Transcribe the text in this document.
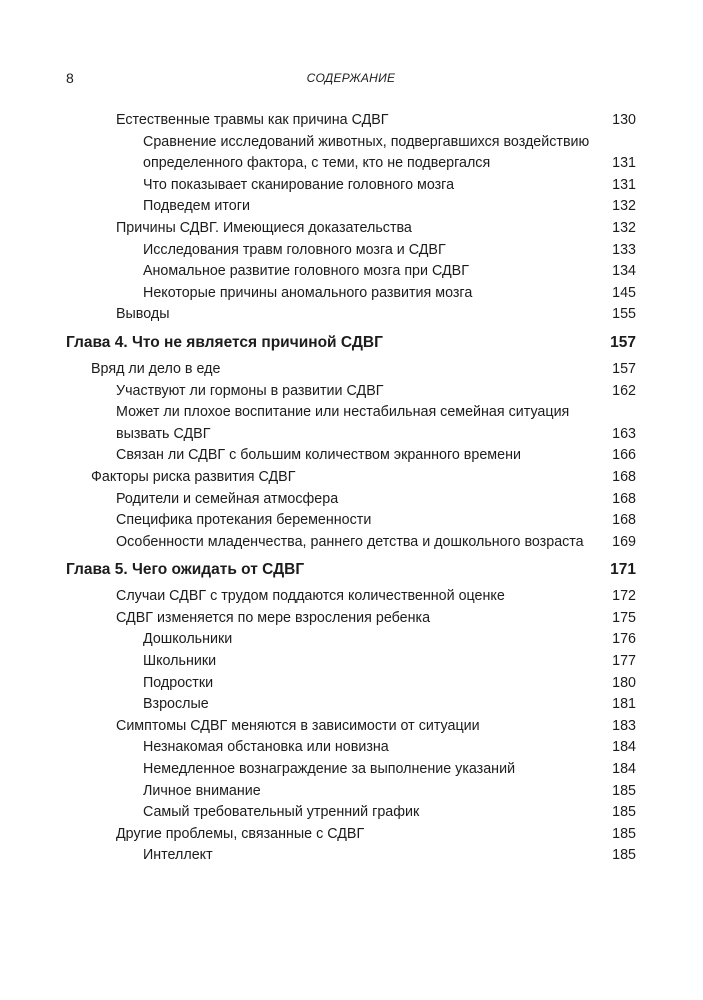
8	СОДЕРЖАНИЕ
Естественные травмы как причина СДВГ	130
Сравнение исследований животных, подвергавшихся воздействию определенного фактора, с теми, кто не подвергался	131
Что показывает сканирование головного мозга	131
Подведем итоги	132
Причины СДВГ. Имеющиеся доказательства	132
Исследования травм головного мозга и СДВГ	133
Аномальное развитие головного мозга при СДВГ	134
Некоторые причины аномального развития мозга	145
Выводы	155
Глава 4. Что не является причиной СДВГ	157
Вряд ли дело в еде	157
Участвуют ли гормоны в развитии СДВГ	162
Может ли плохое воспитание или нестабильная семейная ситуация вызвать СДВГ	163
Связан ли СДВГ с большим количеством экранного времени	166
Факторы риска развития СДВГ	168
Родители и семейная атмосфера	168
Специфика протекания беременности	168
Особенности младенчества, раннего детства и дошкольного возраста	169
Глава 5. Чего ожидать от СДВГ	171
Случаи СДВГ с трудом поддаются количественной оценке	172
СДВГ изменяется по мере взросления ребенка	175
Дошкольники	176
Школьники	177
Подростки	180
Взрослые	181
Симптомы СДВГ меняются в зависимости от ситуации	183
Незнакомая обстановка или новизна	184
Немедленное вознаграждение за выполнение указаний	184
Личное внимание	185
Самый требовательный утренний график	185
Другие проблемы, связанные с СДВГ	185
Интеллект	185
